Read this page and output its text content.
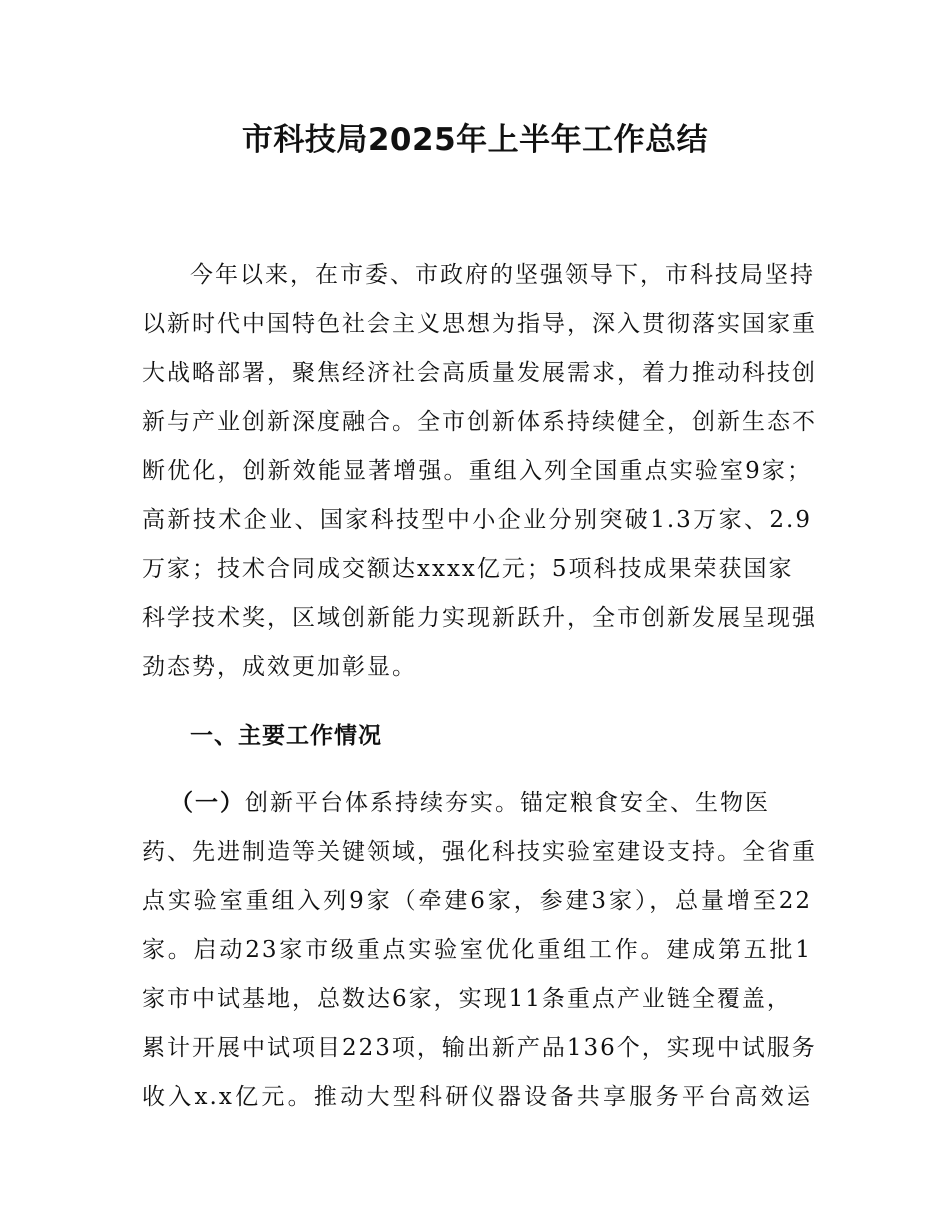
市科技局2025年上半年工作总结
今年以来，在市委、市政府的坚强领导下，市科技局坚持
以新时代中国特色社会主义思想为指导，深入贯彻落实国家重
大战略部署，聚焦经济社会高质量发展需求，着力推动科技创
新与产业创新深度融合。全市创新体系持续健全，创新生态不
断优化，创新效能显著增强。重组入列全国重点实验室9家；
高新技术企业、国家科技型中小企业分别突破1.3万家、2.9
万家；技术合同成交额达xxxx亿元；5项科技成果荣获国家
科学技术奖，区域创新能力实现新跃升，全市创新发展呈现强
劲态势，成效更加彰显。
一、主要工作情况
（一）创新平台体系持续夯实。锚定粮食安全、生物医
药、先进制造等关键领域，强化科技实验室建设支持。全省重
点实验室重组入列9家（牵建6家，参建3家），总量增至22
家。启动23家市级重点实验室优化重组工作。建成第五批1
家市中试基地，总数达6家，实现11条重点产业链全覆盖，
累计开展中试项目223项，输出新产品136个，实现中试服务
收入x.x亿元。推动大型科研仪器设备共享服务平台高效运
